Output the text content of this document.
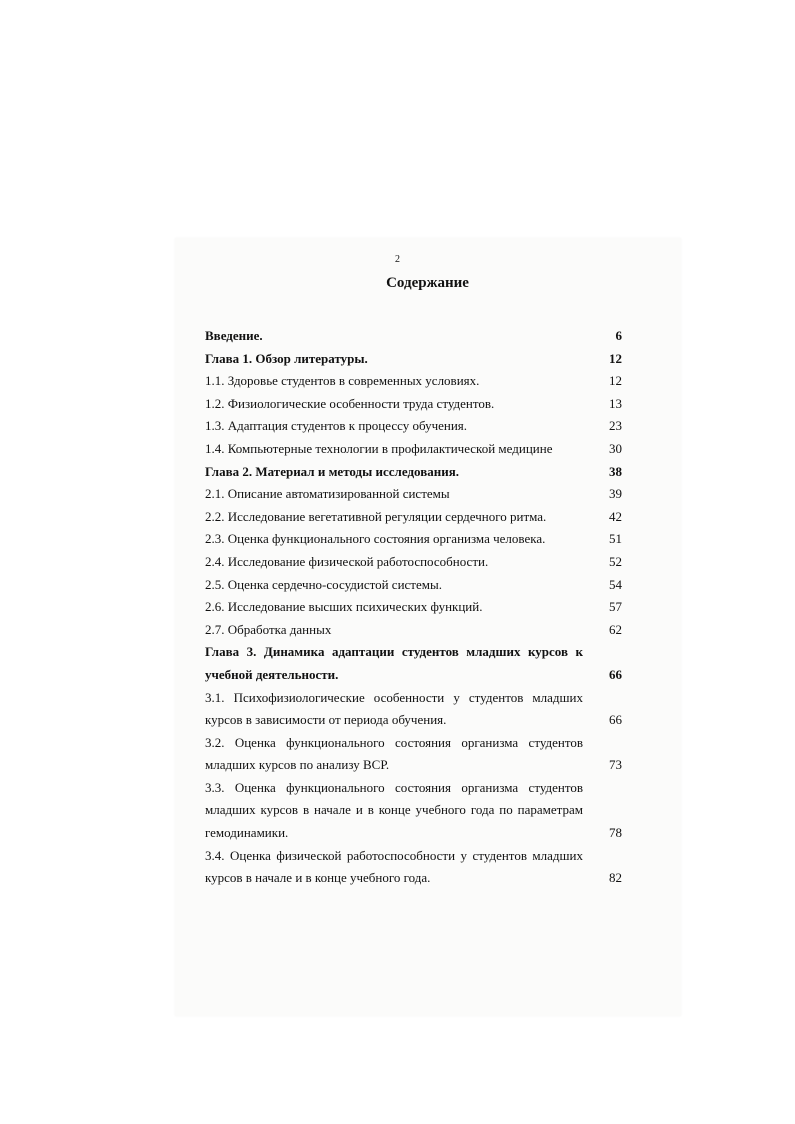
2
Содержание
Введение.	6
Глава 1. Обзор литературы.	12
1.1. Здоровье студентов в современных условиях.	12
1.2. Физиологические особенности труда студентов.	13
1.3. Адаптация студентов к процессу обучения.	23
1.4. Компьютерные технологии в профилактической медицине	30
Глава 2. Материал и методы исследования.	38
2.1. Описание автоматизированной системы	39
2.2. Исследование вегетативной регуляции сердечного ритма.	42
2.3. Оценка функционального состояния организма человека.	51
2.4. Исследование физической работоспособности.	52
2.5. Оценка сердечно-сосудистой системы.	54
2.6. Исследование высших психических функций.	57
2.7. Обработка данных	62
Глава 3. Динамика адаптации студентов младших курсов к
учебной деятельности.	66
3.1. Психофизиологические особенности у студентов младших
курсов в зависимости от периода обучения.	66
3.2. Оценка функционального состояния организма студентов
младших курсов по анализу ВСР.	73
3.3. Оценка функционального состояния организма студентов
младших курсов в начале и в конце учебного года по параметрам
гемодинамики.	78
3.4. Оценка физической работоспособности у студентов младших
курсов в начале и в конце учебного года.	82
